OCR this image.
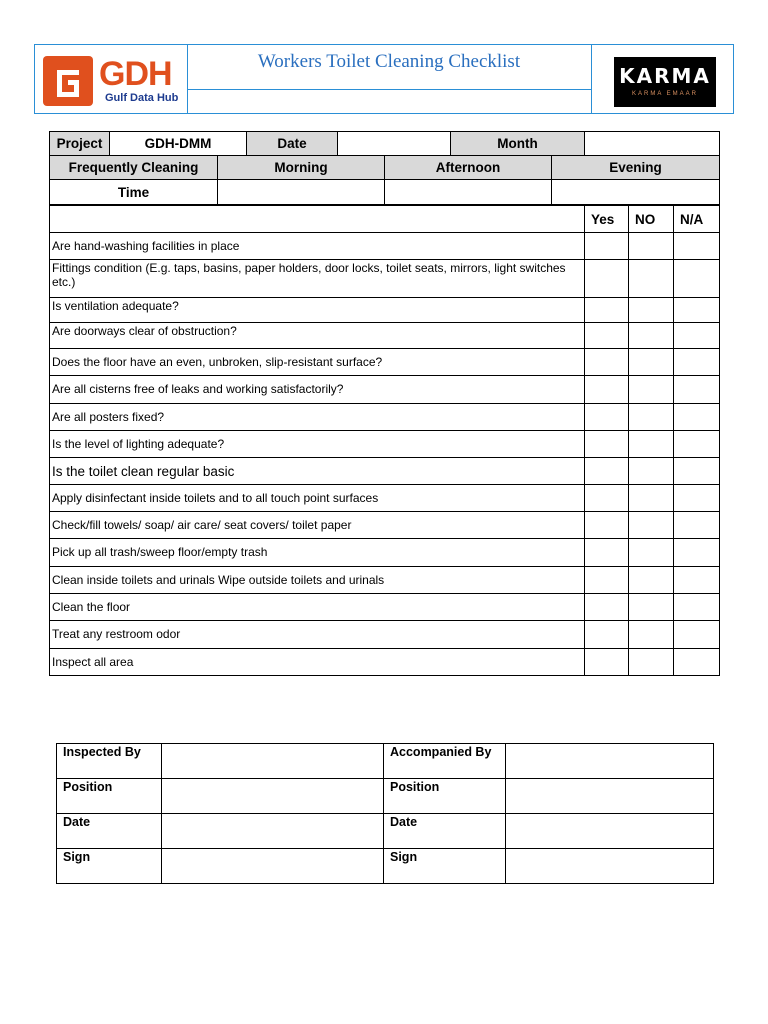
GDH
Gulf Data Hub
Workers Toilet Cleaning Checklist
KARMA
KARMA EMAAR
Project	GDH-DMM	Date		Month	
Frequently Cleaning	Morning	Afternoon	Evening
Time			
	Yes	NO	N/A
Are hand-washing facilities in place			
Fittings condition (E.g. taps, basins, paper holders, door locks, toilet seats, mirrors, light switches etc.)			
Is ventilation adequate?			
Are doorways clear of obstruction?			
Does the floor have an even, unbroken, slip-resistant surface?			
Are all cisterns free of leaks and working satisfactorily?			
Are all posters fixed?			
Is the level of lighting adequate?			
Is the toilet clean regular basic			
Apply disinfectant inside toilets and to all touch point surfaces			
Check/fill towels/ soap/ air care/ seat covers/ toilet paper			
Pick up all trash/sweep floor/empty trash			
Clean inside toilets and urinals Wipe outside toilets and urinals			
Clean the floor			
Treat any restroom odor			
Inspect all area			
Inspected By		Accompanied By	
Position		Position	
Date		Date	
Sign		Sign	
